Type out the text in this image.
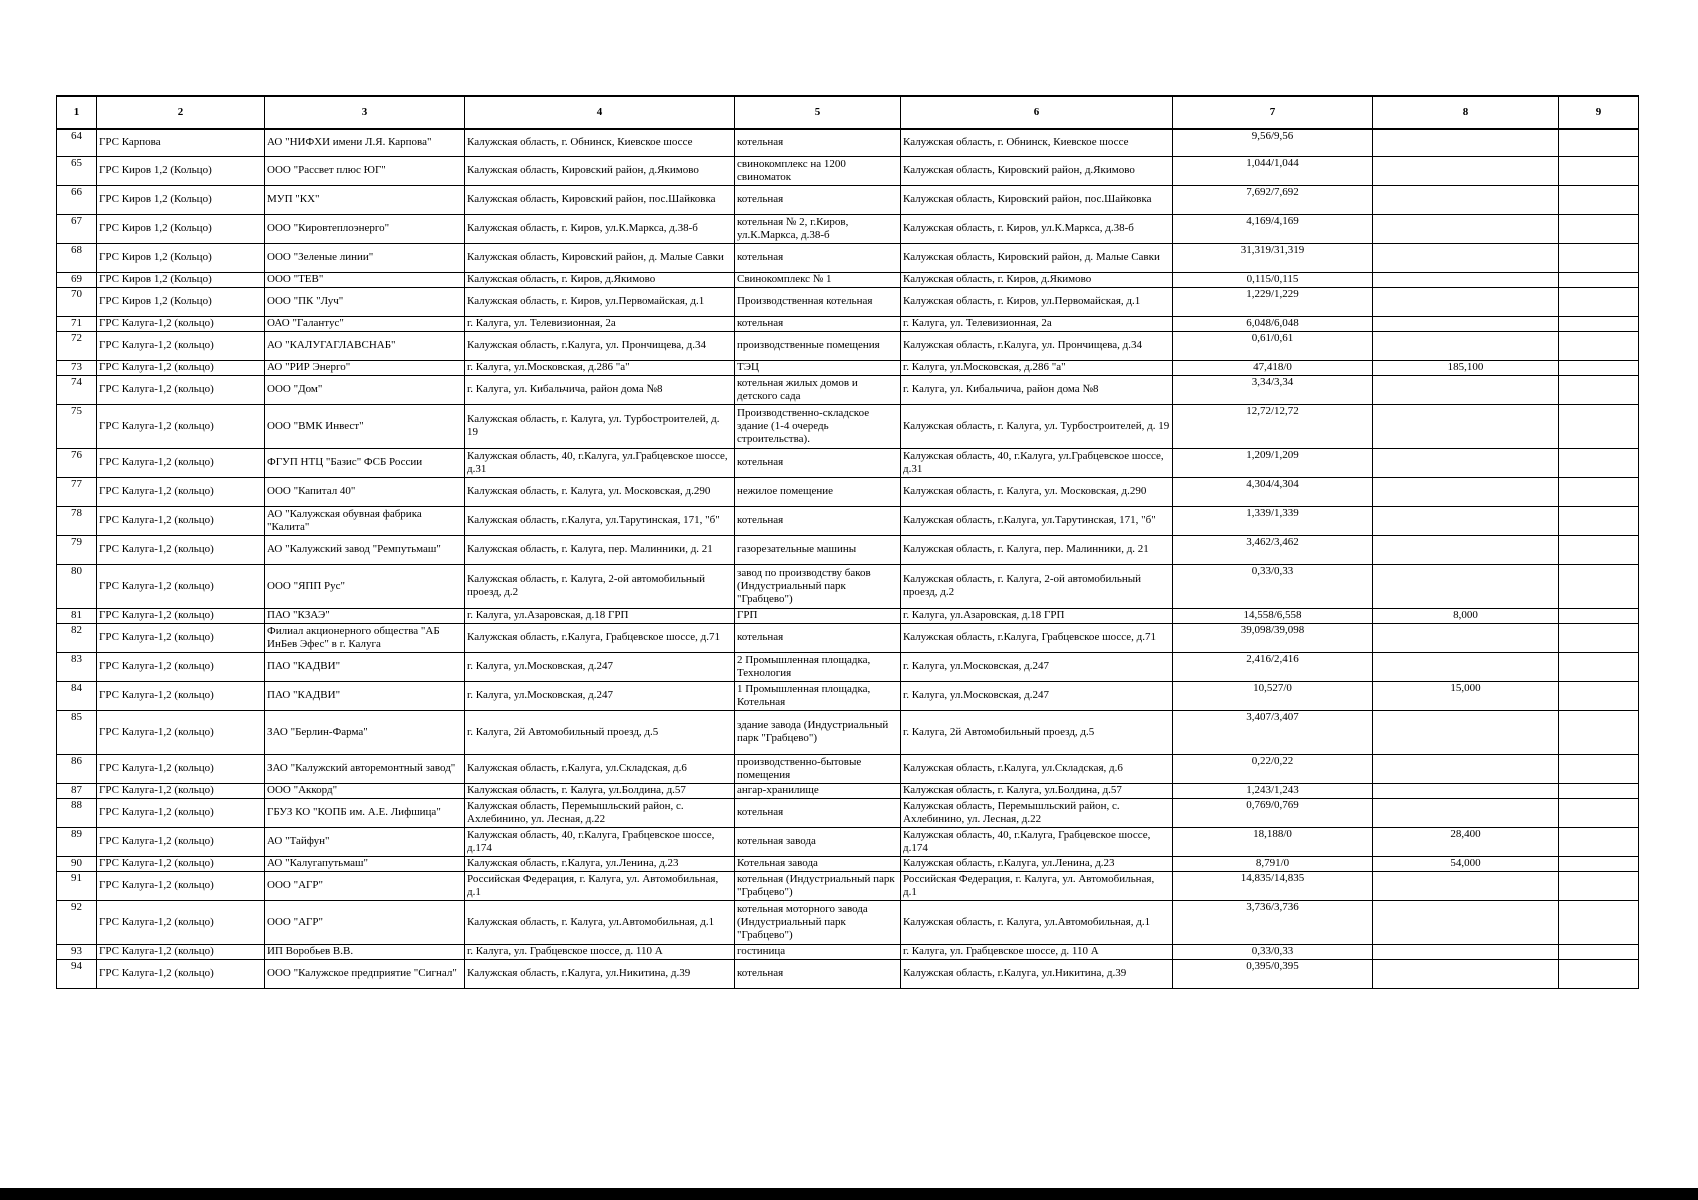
1	2	3	4	5	6	7	8	9
64	ГРС Карпова	АО "НИФХИ имени Л.Я. Карпова"	Калужская область, г. Обнинск, Киевское шоссе	котельная	Калужская область, г. Обнинск, Киевское шоссе	9,56/9,56		
65	ГРС Киров 1,2 (Кольцо)	ООО "Рассвет плюс ЮГ"	Калужская область, Кировский район, д.Якимово	свинокомплекс на 1200 свиноматок	Калужская область, Кировский район, д.Якимово	1,044/1,044		
66	ГРС Киров 1,2 (Кольцо)	МУП "КХ"	Калужская область, Кировский район, пос.Шайковка	котельная	Калужская область, Кировский район, пос.Шайковка	7,692/7,692		
67	ГРС Киров 1,2 (Кольцо)	ООО "Кировтеплоэнерго"	Калужская область, г. Киров, ул.К.Маркса, д.38-б	котельная № 2, г.Киров, ул.К.Маркса, д.38-б	Калужская область, г. Киров, ул.К.Маркса, д.38-б	4,169/4,169		
68	ГРС Киров 1,2 (Кольцо)	ООО "Зеленые линии"	Калужская область, Кировский район, д. Малые Савки	котельная	Калужская область, Кировский район, д. Малые Савки	31,319/31,319		
69	ГРС Киров 1,2 (Кольцо)	ООО "ТЕВ"	Калужская область, г. Киров, д.Якимово	Свинокомплекс № 1	Калужская область, г. Киров, д.Якимово	0,115/0,115		
70	ГРС Киров 1,2 (Кольцо)	ООО "ПК "Луч"	Калужская область, г. Киров, ул.Первомайская, д.1	Производственная котельная	Калужская область, г. Киров, ул.Первомайская, д.1	1,229/1,229		
71	ГРС Калуга-1,2 (кольцо)	ОАО "Галантус"	г. Калуга, ул. Телевизионная, 2а	котельная	г. Калуга, ул. Телевизионная, 2а	6,048/6,048		
72	ГРС Калуга-1,2 (кольцо)	АО "КАЛУГАГЛАВСНАБ"	Калужская область, г.Калуга, ул. Прончищева, д.34	производственные помещения	Калужская область, г.Калуга, ул. Прончищева, д.34	0,61/0,61		
73	ГРС Калуга-1,2 (кольцо)	АО "РИР Энерго"	г. Калуга, ул.Московская, д.286 "а"	ТЭЦ	г. Калуга, ул.Московская, д.286 "а"	47,418/0	185,100	
74	ГРС Калуга-1,2 (кольцо)	ООО "Дом"	г. Калуга, ул. Кибальчича, район дома №8	котельная жилых домов и детского сада	г. Калуга, ул. Кибальчича, район дома №8	3,34/3,34		
75	ГРС Калуга-1,2 (кольцо)	ООО "ВМК Инвест"	Калужская область, г. Калуга, ул. Турбостроителей, д. 19	Производственно-складское здание (1-4 очередь строительства).	Калужская область, г. Калуга, ул. Турбостроителей, д. 19	12,72/12,72		
76	ГРС Калуга-1,2 (кольцо)	ФГУП НТЦ "Базис" ФСБ России	Калужская область, 40, г.Калуга, ул.Грабцевское шоссе, д.31	котельная	Калужская область, 40, г.Калуга, ул.Грабцевское шоссе, д.31	1,209/1,209		
77	ГРС Калуга-1,2 (кольцо)	ООО "Капитал 40"	Калужская область, г. Калуга, ул. Московская, д.290	нежилое помещение	Калужская область, г. Калуга, ул. Московская, д.290	4,304/4,304		
78	ГРС Калуга-1,2 (кольцо)	АО "Калужская обувная фабрика "Калита"	Калужская область, г.Калуга, ул.Тарутинская, 171, "б"	котельная	Калужская область, г.Калуга, ул.Тарутинская, 171, "б"	1,339/1,339		
79	ГРС Калуга-1,2 (кольцо)	АО "Калужский завод "Ремпутьмаш"	Калужская область, г. Калуга, пер. Малинники, д. 21	газорезательные машины	Калужская область, г. Калуга, пер. Малинники, д. 21	3,462/3,462		
80	ГРС Калуга-1,2 (кольцо)	ООО "ЯПП Рус"	Калужская область, г. Калуга, 2-ой автомобильный проезд, д.2	завод по производству баков (Индустриальный парк "Грабцево")	Калужская область, г. Калуга, 2-ой автомобильный проезд, д.2	0,33/0,33		
81	ГРС Калуга-1,2 (кольцо)	ПАО "КЗАЭ"	г. Калуга, ул.Азаровская, д.18 ГРП	ГРП	г. Калуга, ул.Азаровская, д.18 ГРП	14,558/6,558	8,000	
82	ГРС Калуга-1,2 (кольцо)	Филиал акционерного общества "АБ ИнБев Эфес" в г. Калуга	Калужская область, г.Калуга, Грабцевское шоссе, д.71	котельная	Калужская область, г.Калуга, Грабцевское шоссе, д.71	39,098/39,098		
83	ГРС Калуга-1,2 (кольцо)	ПАО "КАДВИ"	г. Калуга, ул.Московская, д.247	2 Промышленная площадка, Технология	г. Калуга, ул.Московская, д.247	2,416/2,416		
84	ГРС Калуга-1,2 (кольцо)	ПАО "КАДВИ"	г. Калуга, ул.Московская, д.247	1 Промышленная площадка, Котельная	г. Калуга, ул.Московская, д.247	10,527/0	15,000	
85	ГРС Калуга-1,2 (кольцо)	ЗАО "Берлин-Фарма"	г. Калуга, 2й Автомобильный проезд, д.5	здание завода (Индустриальный парк "Грабцево")	г. Калуга, 2й Автомобильный проезд, д.5	3,407/3,407		
86	ГРС Калуга-1,2 (кольцо)	ЗАО "Калужский авторемонтный завод"	Калужская область, г.Калуга, ул.Складская, д.6	производственно-бытовые помещения	Калужская область, г.Калуга, ул.Складская, д.6	0,22/0,22		
87	ГРС Калуга-1,2 (кольцо)	ООО "Аккорд"	Калужская область, г. Калуга, ул.Болдина, д.57	ангар-хранилище	Калужская область, г. Калуга, ул.Болдина, д.57	1,243/1,243		
88	ГРС Калуга-1,2 (кольцо)	ГБУЗ КО "КОПБ им. А.Е. Лифшица"	Калужская область, Перемышльский район, с. Ахлебинино, ул. Лесная, д.22	котельная	Калужская область, Перемышльский район, с. Ахлебинино, ул. Лесная, д.22	0,769/0,769		
89	ГРС Калуга-1,2 (кольцо)	АО "Тайфун"	Калужская область, 40, г.Калуга, Грабцевское шоссе, д.174	котельная завода	Калужская область, 40, г.Калуга, Грабцевское шоссе, д.174	18,188/0	28,400	
90	ГРС Калуга-1,2 (кольцо)	АО "Калугапутьмаш"	Калужская область, г.Калуга, ул.Ленина, д.23	Котельная завода	Калужская область, г.Калуга, ул.Ленина, д.23	8,791/0	54,000	
91	ГРС Калуга-1,2 (кольцо)	ООО "АГР"	Российская Федерация, г. Калуга, ул. Автомобильная, д.1	котельная (Индустриальный парк "Грабцево")	Российская Федерация, г. Калуга, ул. Автомобильная, д.1	14,835/14,835		
92	ГРС Калуга-1,2 (кольцо)	ООО "АГР"	Калужская область, г. Калуга, ул.Автомобильная, д.1	котельная моторного завода (Индустриальный парк "Грабцево")	Калужская область, г. Калуга, ул.Автомобильная, д.1	3,736/3,736		
93	ГРС Калуга-1,2 (кольцо)	ИП Воробьев В.В.	г. Калуга, ул. Грабцевское шоссе, д. 110 А	гостиница	г. Калуга, ул. Грабцевское шоссе, д. 110 А	0,33/0,33		
94	ГРС Калуга-1,2 (кольцо)	ООО "Калужское предприятие "Сигнал"	Калужская область, г.Калуга, ул.Никитина, д.39	котельная	Калужская область, г.Калуга, ул.Никитина, д.39	0,395/0,395		
